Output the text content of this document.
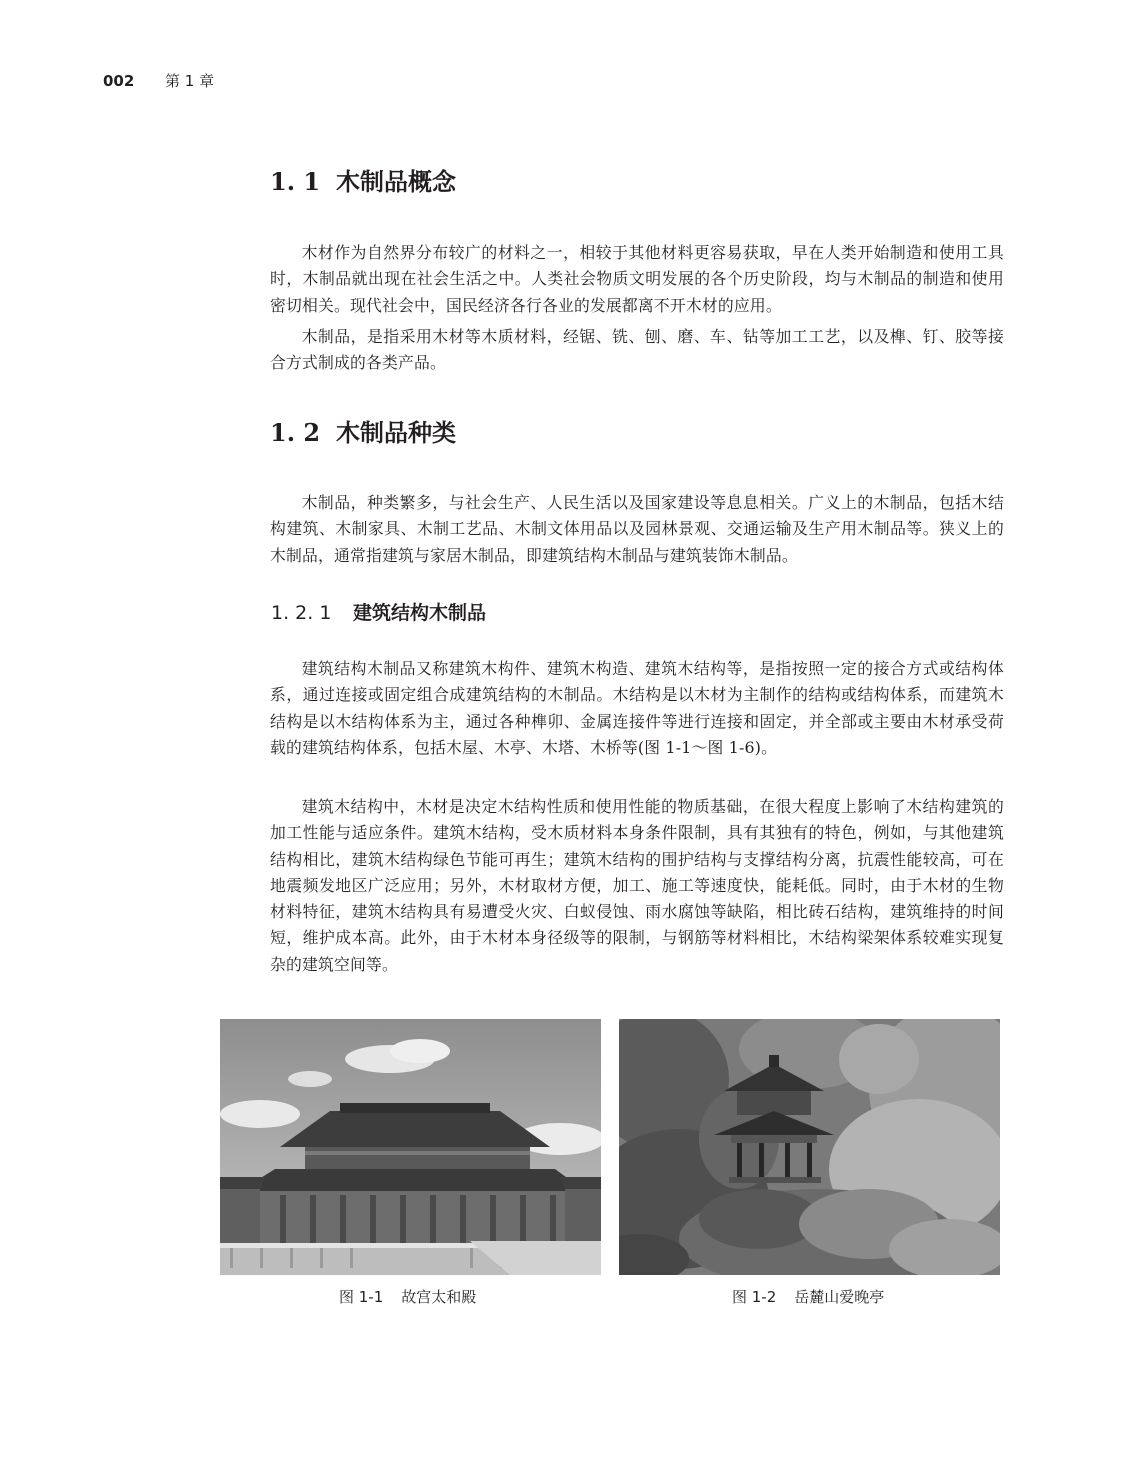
002 第 1 章
1. 1 木制品概念

木材作为自然界分布较广的材料之一，相较于其他材料更容易获取，早在人类开始制造和使用工具时，木制品就出现在社会生活之中。人类社会物质文明发展的各个历史阶段，均与木制品的制造和使用密切相关。现代社会中，国民经济各行各业的发展都离不开木材的应用。

木制品，是指采用木材等木质材料，经锯、铣、刨、磨、车、钻等加工工艺，以及榫、钉、胶等接合方式制成的各类产品。

1. 2 木制品种类

木制品，种类繁多，与社会生产、人民生活以及国家建设等息息相关。广义上的木制品，包括木结构建筑、木制家具、木制工艺品、木制文体用品以及园林景观、交通运输及生产用木制品等。狭义上的木制品，通常指建筑与家居木制品，即建筑结构木制品与建筑装饰木制品。

1. 2. 1 建筑结构木制品

建筑结构木制品又称建筑木构件、建筑木构造、建筑木结构等，是指按照一定的接合方式或结构体系，通过连接或固定组合成建筑结构的木制品。木结构是以木材为主制作的结构或结构体系，而建筑木结构是以木结构体系为主，通过各种榫卯、金属连接件等进行连接和固定，并全部或主要由木材承受荷载的建筑结构体系，包括木屋、木亭、木塔、木桥等(图 1-1～图 1-6)。

建筑木结构中，木材是决定木结构性质和使用性能的物质基础，在很大程度上影响了木结构建筑的加工性能与适应条件。建筑木结构，受木质材料本身条件限制，具有其独有的特色，例如，与其他建筑结构相比，建筑木结构绿色节能可再生；建筑木结构的围护结构与支撑结构分离，抗震性能较高，可在地震频发地区广泛应用；另外，木材取材方便，加工、施工等速度快，能耗低。同时，由于木材的生物材料特征，建筑木结构具有易遭受火灾、白蚁侵蚀、雨水腐蚀等缺陷，相比砖石结构，建筑维持的时间短，维护成本高。此外，由于木材本身径级等的限制，与钢筋等材料相比，木结构梁架体系较难实现复杂的建筑空间等。

图 1-1 故宫太和殿	图 1-2 岳麓山爱晚亭
